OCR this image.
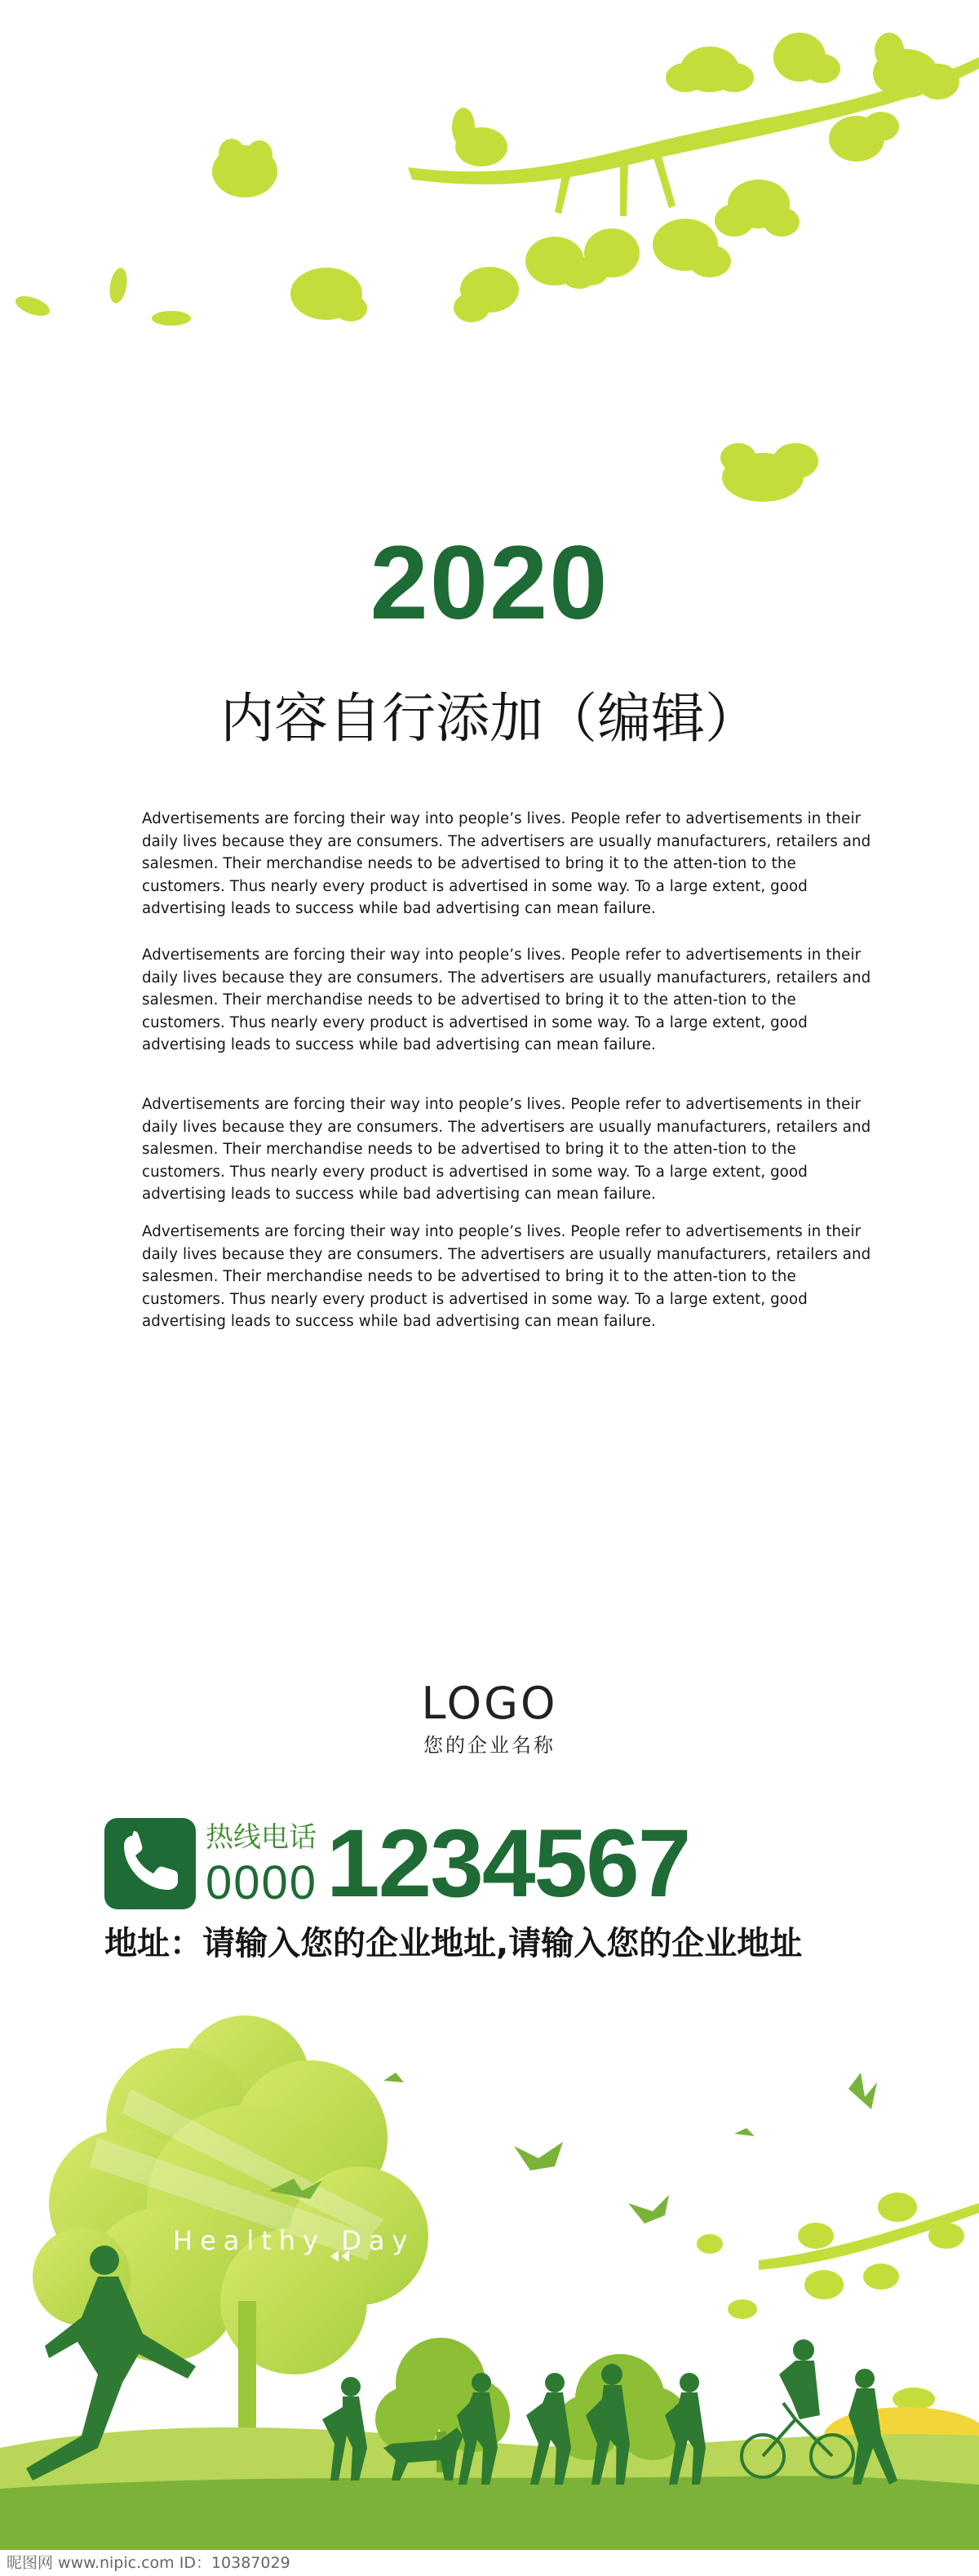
2020
内容自行添加（编辑）
Advertisements are forcing their way into people’s lives. People refer to advertisements in their daily lives because they are consumers. The advertisers are usually manufacturers, retailers and salesmen. Their merchandise needs to be advertised to bring it to the atten-tion to the customers. Thus nearly every product is advertised in some way. To a large extent, good advertising leads to success while bad advertising can mean failure.
Advertisements are forcing their way into people’s lives. People refer to advertisements in their daily lives because they are consumers. The advertisers are usually manufacturers, retailers and salesmen. Their merchandise needs to be advertised to bring it to the atten-tion to the customers. Thus nearly every product is advertised in some way. To a large extent, good advertising leads to success while bad advertising can mean failure.
Advertisements are forcing their way into people’s lives. People refer to advertisements in their daily lives because they are consumers. The advertisers are usually manufacturers, retailers and salesmen. Their merchandise needs to be advertised to bring it to the atten-tion to the customers. Thus nearly every product is advertised in some way. To a large extent, good advertising leads to success while bad advertising can mean failure.
Advertisements are forcing their way into people’s lives. People refer to advertisements in their daily lives because they are consumers. The advertisers are usually manufacturers, retailers and salesmen. Their merchandise needs to be advertised to bring it to the atten-tion to the customers. Thus nearly every product is advertised in some way. To a large extent, good advertising leads to success while bad advertising can mean failure.
LOGO
您的企业名称
热线电话
0000 1234567
地址：请输入您的企业地址,请输入您的企业地址
Healthy Day
昵图网 www.nipic.com ID：10387029
